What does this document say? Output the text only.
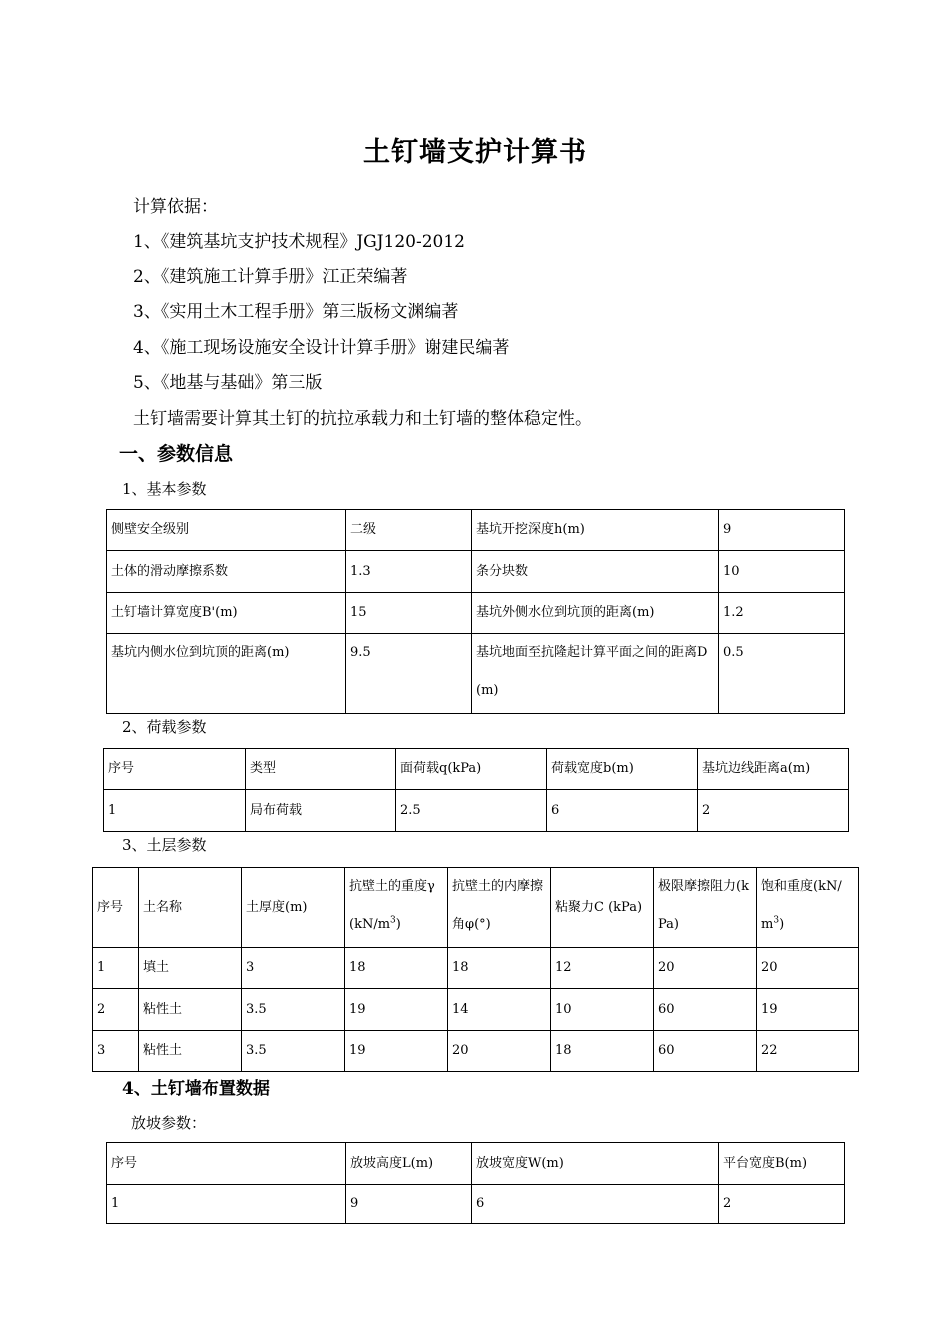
土钉墙支护计算书
计算依据：
1、《建筑基坑支护技术规程》JGJ120-2012
2、《建筑施工计算手册》江正荣编著
3、《实用土木工程手册》第三版杨文渊编著
4、《施工现场设施安全设计计算手册》谢建民编著
5、《地基与基础》第三版
土钉墙需要计算其土钉的抗拉承载力和土钉墙的整体稳定性。
一、参数信息
1、基本参数
侧壁安全级别	二级	基坑开挖深度h(m)	9
土体的滑动摩擦系数	1.3	条分块数	10
土钉墙计算宽度B'(m)	15	基坑外侧水位到坑顶的距离(m)	1.2
基坑内侧水位到坑顶的距离(m)	9.5	基坑地面至抗隆起计算平面之间的距离D(m)	0.5
2、荷载参数
序号	类型	面荷载q(kPa)	荷载宽度b(m)	基坑边线距离a(m)
1	局布荷载	2.5	6	2
3、土层参数
序号	土名称	土厚度(m)	抗壁土的重度$\gamma(kN/m^3)$	抗壁土的内摩擦角φ(°)	粘聚力C (kPa)	极限摩擦阻力(kPa)	饱和重度$(kN/m^3)$
1	填土	3	18	18	12	20	20
2	粘性土	3.5	19	14	10	60	19
3	粘性土	3.5	19	20	18	60	22
4、土钉墙布置数据
放坡参数：
序号	放坡高度L(m)	放坡宽度W(m)	平台宽度B(m)
1	9	6	2
